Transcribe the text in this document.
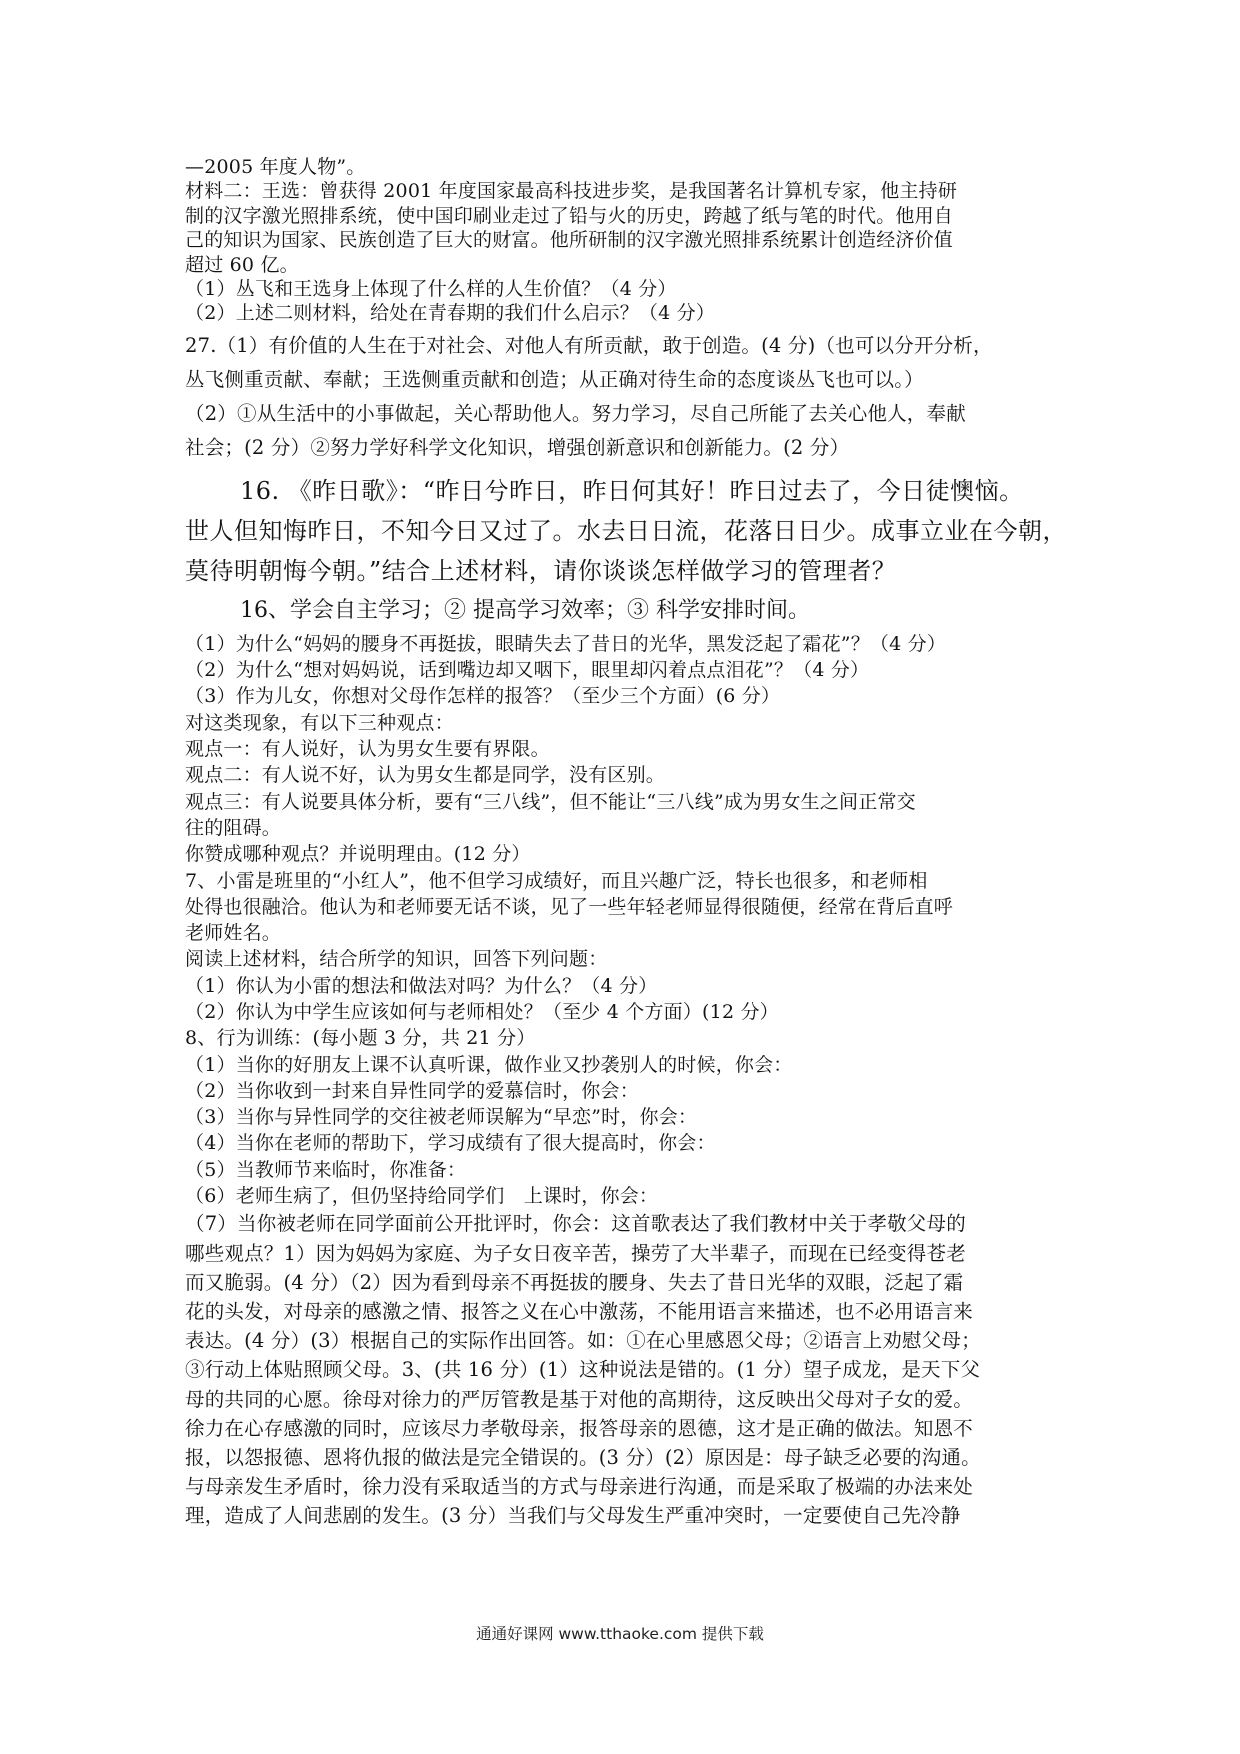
—2005 年度人物”。
材料二：王选：曾获得 2001 年度国家最高科技进步奖，是我国著名计算机专家，他主持研
制的汉字激光照排系统，使中国印刷业走过了铅与火的历史，跨越了纸与笔的时代。他用自
己的知识为国家、民族创造了巨大的财富。他所研制的汉字激光照排系统累计创造经济价值
超过 60 亿。
（1）丛飞和王选身上体现了什么样的人生价值？（4 分）
（2）上述二则材料，给处在青春期的我们什么启示？（4 分）
27.（1）有价值的人生在于对社会、对他人有所贡献，敢于创造。(4 分)（也可以分开分析，
丛飞侧重贡献、奉献；王选侧重贡献和创造；从正确对待生命的态度谈丛飞也可以。）
（2）①从生活中的小事做起，关心帮助他人。努力学习，尽自己所能了去关心他人，奉献
社会；(2 分）②努力学好科学文化知识，增强创新意识和创新能力。(2 分）
16. 《昨日歌》：“昨日兮昨日，昨日何其好！昨日过去了，今日徒懊恼。
世人但知悔昨日，不知今日又过了。水去日日流，花落日日少。成事立业在今朝，
莫待明朝悔今朝。”结合上述材料，请你谈谈怎样做学习的管理者？
16、学会自主学习；② 提高学习效率；③ 科学安排时间。
（1）为什么“妈妈的腰身不再挺拔，眼睛失去了昔日的光华，黑发泛起了霜花”？（4 分）
（2）为什么“想对妈妈说，话到嘴边却又咽下，眼里却闪着点点泪花”？（4 分）
（3）作为儿女，你想对父母作怎样的报答？（至少三个方面）(6 分）
对这类现象，有以下三种观点：
观点一：有人说好，认为男女生要有界限。
观点二：有人说不好，认为男女生都是同学，没有区别。
观点三：有人说要具体分析，要有“三八线”，但不能让“三八线”成为男女生之间正常交
往的阻碍。
你赞成哪种观点？并说明理由。(12 分）
7、小雷是班里的“小红人”，他不但学习成绩好，而且兴趣广泛，特长也很多，和老师相
处得也很融洽。他认为和老师要无话不谈，见了一些年轻老师显得很随便，经常在背后直呼
老师姓名。
阅读上述材料，结合所学的知识，回答下列问题：
（1）你认为小雷的想法和做法对吗？为什么？（4 分）
（2）你认为中学生应该如何与老师相处？（至少 4 个方面）(12 分）
8、行为训练：(每小题 3 分，共 21 分）
（1）当你的好朋友上课不认真听课，做作业又抄袭别人的时候，你会：
（2）当你收到一封来自异性同学的爱慕信时，你会：
（3）当你与异性同学的交往被老师误解为“早恋”时，你会：
（4）当你在老师的帮助下，学习成绩有了很大提高时，你会：
（5）当教师节来临时，你准备：
（6）老师生病了，但仍坚持给同学们　上课时，你会：
（7）当你被老师在同学面前公开批评时，你会：这首歌表达了我们教材中关于孝敬父母的
哪些观点？1）因为妈妈为家庭、为子女日夜辛苦，操劳了大半辈子，而现在已经变得苍老
而又脆弱。(4 分）（2）因为看到母亲不再挺拔的腰身、失去了昔日光华的双眼，泛起了霜
花的头发，对母亲的感激之情、报答之义在心中激荡，不能用语言来描述，也不必用语言来
表达。(4 分）(3）根据自己的实际作出回答。如：①在心里感恩父母；②语言上劝慰父母；
③行动上体贴照顾父母。3、(共 16 分）(1）这种说法是错的。(1 分）望子成龙，是天下父
母的共同的心愿。徐母对徐力的严厉管教是基于对他的高期待，这反映出父母对子女的爱。
徐力在心存感激的同时，应该尽力孝敬母亲，报答母亲的恩德，这才是正确的做法。知恩不
报，以怨报德、恩将仇报的做法是完全错误的。(3 分）(2）原因是：母子缺乏必要的沟通。
与母亲发生矛盾时，徐力没有采取适当的方式与母亲进行沟通，而是采取了极端的办法来处
理，造成了人间悲剧的发生。(3 分）当我们与父母发生严重冲突时，一定要使自己先冷静
通通好课网 www.tthaoke.com 提供下载
